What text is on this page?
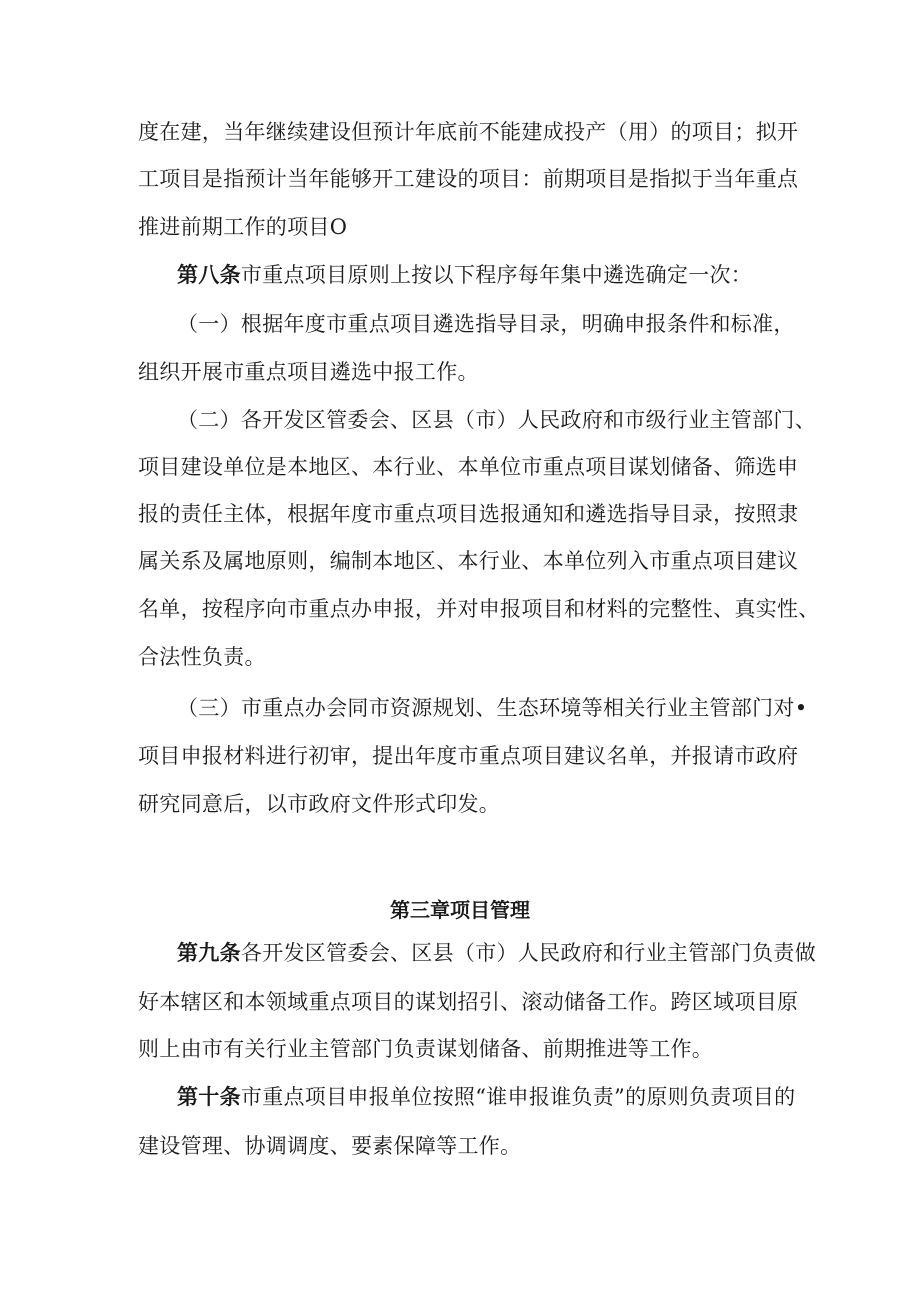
度在建，当年继续建设但预计年底前不能建成投产（用）的项目；拟开
工项目是指预计当年能够开工建设的项目：前期项目是指拟于当年重点
推进前期工作的项目O
第八条市重点项目原则上按以下程序每年集中遴选确定一次：
（一）根据年度市重点项目遴选指导目录，明确申报条件和标准，
组织开展市重点项目遴选中报工作。
（二）各开发区管委会、区县（市）人民政府和市级行业主管部门、
项目建设单位是本地区、本行业、本单位市重点项目谋划储备、筛选申
报的责任主体，根据年度市重点项目选报通知和遴选指导目录，按照隶
属关系及属地原则，编制本地区、本行业、本单位列入市重点项目建议
名单，按程序向市重点办申报，并对申报项目和材料的完整性、真实性、
合法性负责。
（三）市重点办会同市资源规划、生态环境等相关行业主管部门对•
项目申报材料进行初审，提出年度市重点项目建议名单，并报请市政府
研究同意后，以市政府文件形式印发。
第三章项目管理
第九条各开发区管委会、区县（市）人民政府和行业主管部门负责做
好本辖区和本领域重点项目的谋划招引、滚动储备工作。跨区域项目原
则上由市有关行业主管部门负责谋划储备、前期推进等工作。
第十条市重点项目申报单位按照“谁申报谁负责”的原则负责项目的
建设管理、协调调度、要素保障等工作。
